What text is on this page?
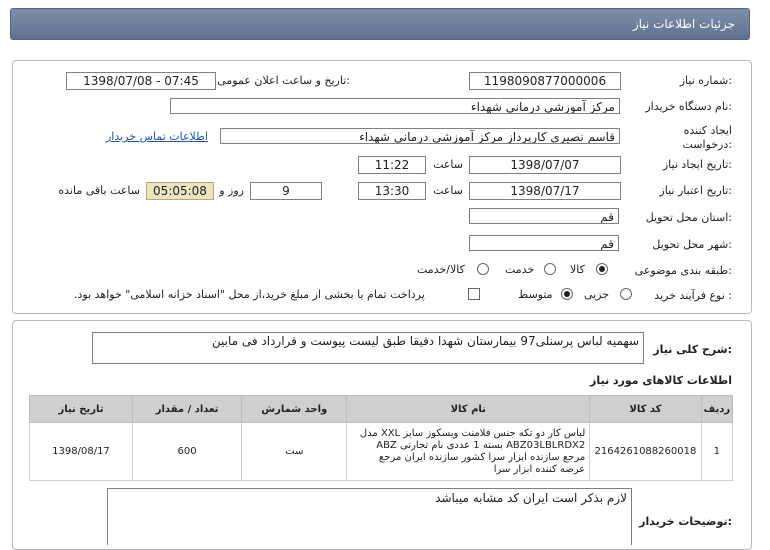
جزئیات اطلاعات نیاز
شماره نیاز:
1198090877000006
تاریخ و ساعت اعلان عمومی:
1398/07/08 - 07:45
نام دستگاه خریدار:
مرکز آموزشی درمانی شهداء
ایجاد کننده درخواست:
قاسم نصیری کارپرداز مرکز آموزشی درمانی شهداء
اطلاعات تماس خریدار
تاریخ ایجاد نیاز:
1398/07/07
ساعت
11:22
تاریخ اعتبار نیاز:
1398/07/17
ساعت
13:30
9
روز و
05:05:08
ساعت باقی مانده
استان محل تحویل:
قم
شهر محل تحویل:
قم
طبقه بندی موضوعی:
کالا
خدمت
کالا/خدمت
نوع فرآیند خرید :
جزیی
متوسط
پرداخت تمام یا بخشی از مبلغ خرید،از محل "اسناد خزانه اسلامی" خواهد بود.
شرح کلی نیاز:
سهمیه لباس پرسنلی97 بیمارستان شهدا دقیقا طبق لیست پیوست و قرارداد فی مابین
اطلاعات کالاهای مورد نیاز
ردیف	کد کالا	نام کالا	واحد شمارش	تعداد / مقدار	تاریخ نیاز
1	2164261088260018	لباس کار دو تکه جنس فلامنت ویسکوز سایز XXL مدل ABZ03LBLRDX2 بسته 1 عددی نام تجارتی ABZ مرجع سازنده ابزار سرا کشور سازنده ایران مرجع عرضه کننده ابزار سرا	ست	600	1398/08/17
لازم بذکر است ایران کد مشابه میباشد
توضیحات خریدار:
